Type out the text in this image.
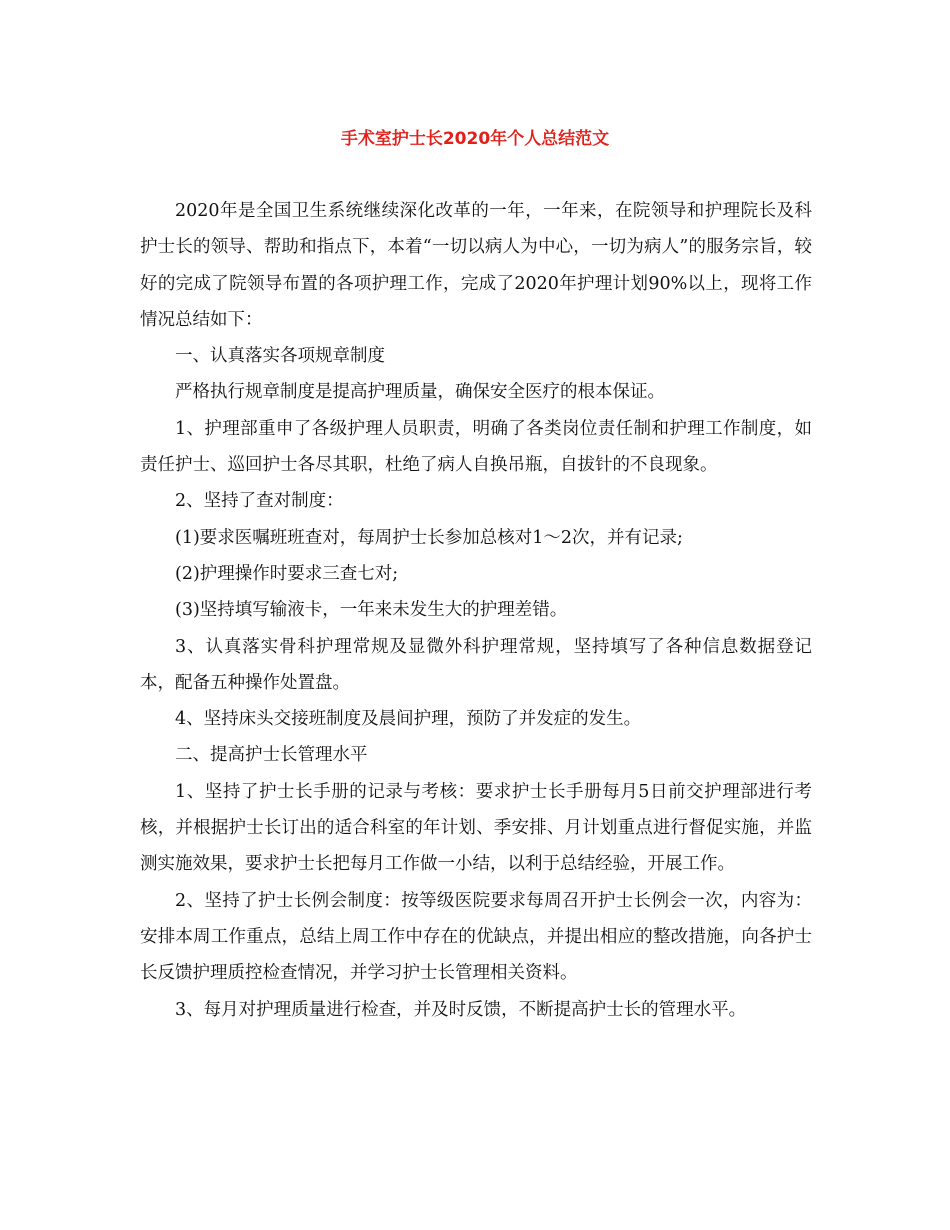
手术室护士长2020年个人总结范文

2020年是全国卫生系统继续深化改革的一年，一年来，在院领导和护理院长及科护士长的领导、帮助和指点下，本着“一切以病人为中心，一切为病人”的服务宗旨，较好的完成了院领导布置的各项护理工作，完成了2020年护理计划90%以上，现将工作情况总结如下：

一、认真落实各项规章制度

严格执行规章制度是提高护理质量，确保安全医疗的根本保证。

1、护理部重申了各级护理人员职责，明确了各类岗位责任制和护理工作制度，如责任护士、巡回护士各尽其职，杜绝了病人自换吊瓶，自拔针的不良现象。

2、坚持了查对制度：

(1)要求医嘱班班查对，每周护士长参加总核对1～2次，并有记录;

(2)护理操作时要求三查七对;

(3)坚持填写输液卡，一年来未发生大的护理差错。

3、认真落实骨科护理常规及显微外科护理常规，坚持填写了各种信息数据登记本，配备五种操作处置盘。

4、坚持床头交接班制度及晨间护理，预防了并发症的发生。

二、提高护士长管理水平

1、坚持了护士长手册的记录与考核：要求护士长手册每月5日前交护理部进行考核，并根据护士长订出的适合科室的年计划、季安排、月计划重点进行督促实施，并监测实施效果，要求护士长把每月工作做一小结，以利于总结经验，开展工作。

2、坚持了护士长例会制度：按等级医院要求每周召开护士长例会一次，内容为：安排本周工作重点，总结上周工作中存在的优缺点，并提出相应的整改措施，向各护士长反馈护理质控检查情况，并学习护士长管理相关资料。

3、每月对护理质量进行检查，并及时反馈，不断提高护士长的管理水平。
